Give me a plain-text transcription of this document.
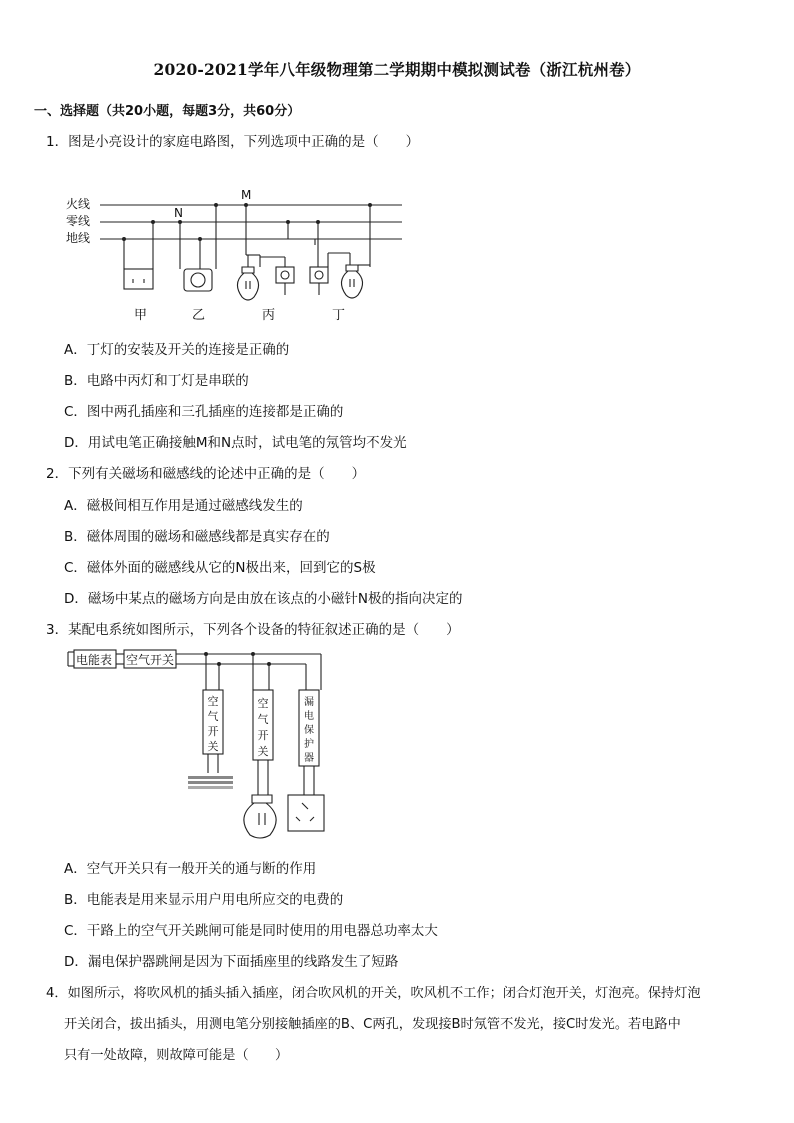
2020-2021学年八年级物理第二学期期中模拟测试卷（浙江杭州卷）
一、选择题（共20小题，每题3分，共60分）
1．图是小亮设计的家庭电路图，下列选项中正确的是（　　）
火线
零线
地线
M
N
甲	乙	丙	丁
A．丁灯的安装及开关的连接是正确的
B．电路中丙灯和丁灯是串联的
C．图中两孔插座和三孔插座的连接都是正确的
D．用试电笔正确接触M和N点时，试电笔的氖管均不发光
2．下列有关磁场和磁感线的论述中正确的是（　　）
A．磁极间相互作用是通过磁感线发生的
B．磁体周围的磁场和磁感线都是真实存在的
C．磁体外面的磁感线从它的N极出来，回到它的S极
D．磁场中某点的磁场方向是由放在该点的小磁针N极的指向决定的
3．某配电系统如图所示，下列各个设备的特征叙述正确的是（　　）
电能表 空气开关
空
气
开
关
空
气
开
关
漏
电
保
护
器
A．空气开关只有一般开关的通与断的作用
B．电能表是用来显示用户用电所应交的电费的
C．干路上的空气开关跳闸可能是同时使用的用电器总功率太大
D．漏电保护器跳闸是因为下面插座里的线路发生了短路
4．如图所示，将吹风机的插头插入插座，闭合吹风机的开关，吹风机不工作；闭合灯泡开关，灯泡亮。保持灯泡
开关闭合，拔出插头，用测电笔分别接触插座的B、C两孔，发现接B时氖管不发光，接C时发光。若电路中
只有一处故障，则故障可能是（　　）
